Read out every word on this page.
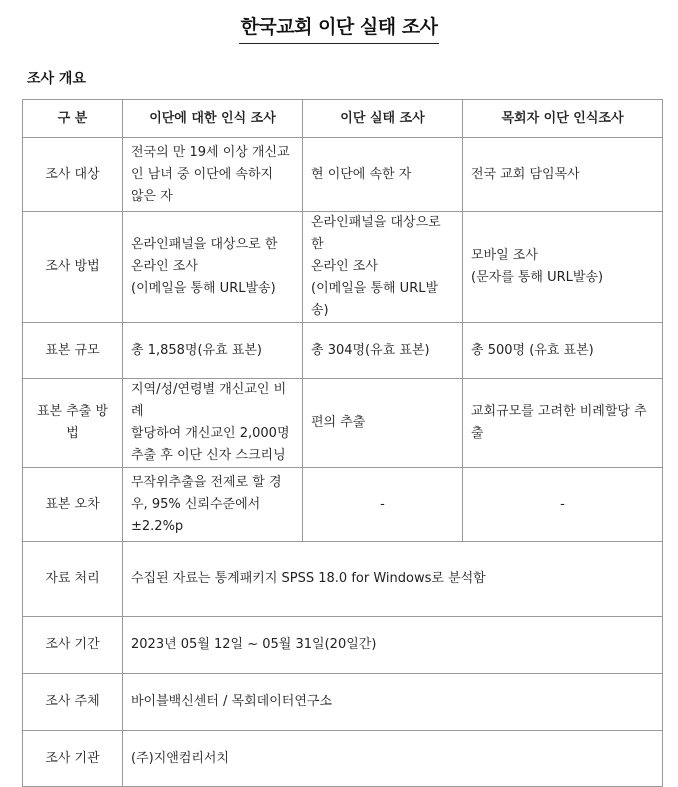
한국교회 이단 실태 조사
조사 개요
구 분	이단에 대한 인식 조사	이단 실태 조사	목회자 이단 인식조사
조사 대상	전국의 만 19세 이상 개신교
인 남녀 중 이단에 속하지
않은 자	현 이단에 속한 자	전국 교회 담임목사
조사 방법	온라인패널을 대상으로 한
온라인 조사
(이메일을 통해 URL발송)	온라인패널을 대상으로 한
온라인 조사
(이메일을 통해 URL발송)	모바일 조사
(문자를 통해 URL발송)
표본 규모	총 1,858명(유효 표본)	총 304명(유효 표본)	총 500명 (유효 표본)
표본 추출 방법	지역/성/연령별 개신교인 비례
할당하여 개신교인 2,000명
추출 후 이단 신자 스크리닝	편의 추출	교회규모를 고려한 비례할당 추출
표본 오차	무작위추출을 전제로 할 경
우, 95% 신뢰수준에서
±2.2%p	-	-
자료 처리	수집된 자료는 통계패키지 SPSS 18.0 for Windows로 분석함		
조사 기간	2023년 05월 12일 ~ 05월 31일(20일간)		
조사 주체	바이블백신센터 / 목회데이터연구소		
조사 기관	(주)지앤컴리서치		
